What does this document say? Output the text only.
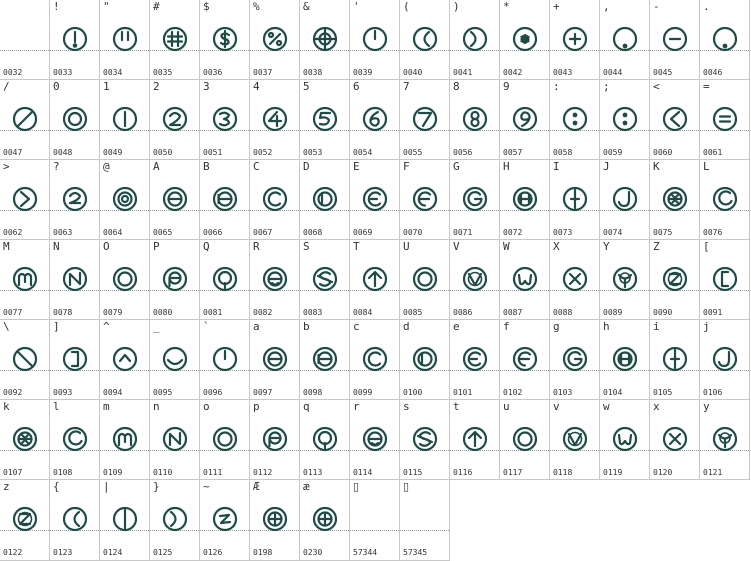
0032
!
0033
"
0034
#
0035
$
0036
%
0037
&
0038
'
0039
(
0040
)
0041
*
0042
+
0043
,
0044
-
0045
.
0046
/
0047
0
0048
1
0049
2
0050
3
0051
4
0052
5
0053
6
0054
7
0055
8
0056
9
0057
:
0058
;
0059
<
0060
=
0061
>
0062
?
0063
@
0064
A
0065
B
0066
C
0067
D
0068
E
0069
F
0070
G
0071
H
0072
I
0073
J
0074
K
0075
L
0076
M
0077
N
0078
O
0079
P
0080
Q
0081
R
0082
S
0083
T
0084
U
0085
V
0086
W
0087
X
0088
Y
0089
Z
0090
[
0091
\
0092
]
0093
^
0094
_
0095
`
0096
a
0097
b
0098
c
0099
d
0100
e
0101
f
0102
g
0103
h
0104
i
0105
j
0106
k
0107
l
0108
m
0109
n
0110
o
0111
p
0112
q
0113
r
0114
s
0115
t
0116
u
0117
v
0118
w
0119
x
0120
y
0121
z
0122
{
0123
|
0124
}
0125
~
0126
Æ
0198
æ
0230	57344
▯
57345
▯
